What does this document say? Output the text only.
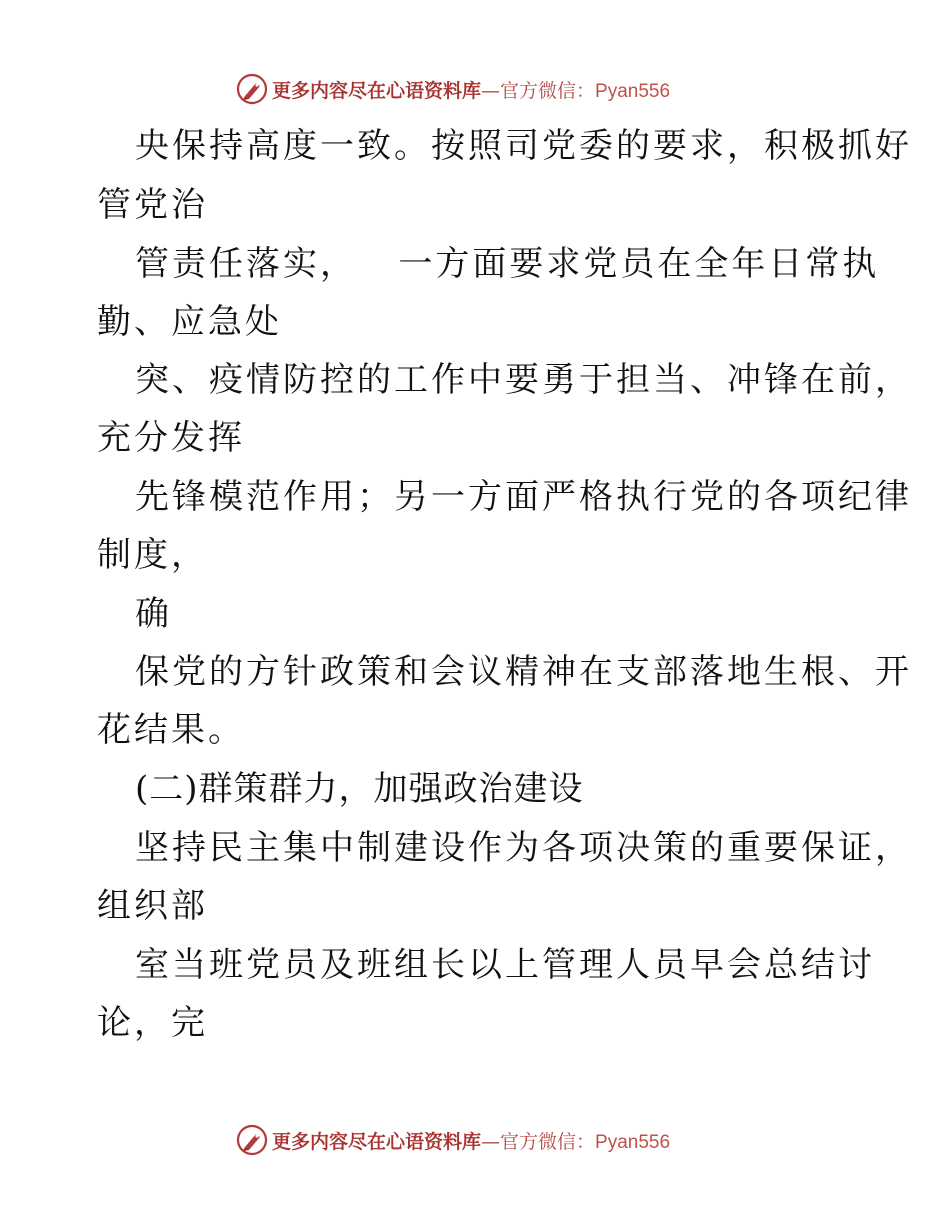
更多内容尽在心语资料库—官方微信：Pyan556
央保持高度一致。按照司党委的要求，积极抓好
管党治
管责任落实，   一方面要求党员在全年日常执
勤、应急处
突、疫情防控的工作中要勇于担当、冲锋在前，
充分发挥
先锋模范作用；另一方面严格执行党的各项纪律
制度，
确
保党的方针政策和会议精神在支部落地生根、开
花结果。
(二)群策群力，加强政治建设
坚持民主集中制建设作为各项决策的重要保证，
组织部
室当班党员及班组长以上管理人员早会总结讨
论，完
更多内容尽在心语资料库—官方微信：Pyan556
